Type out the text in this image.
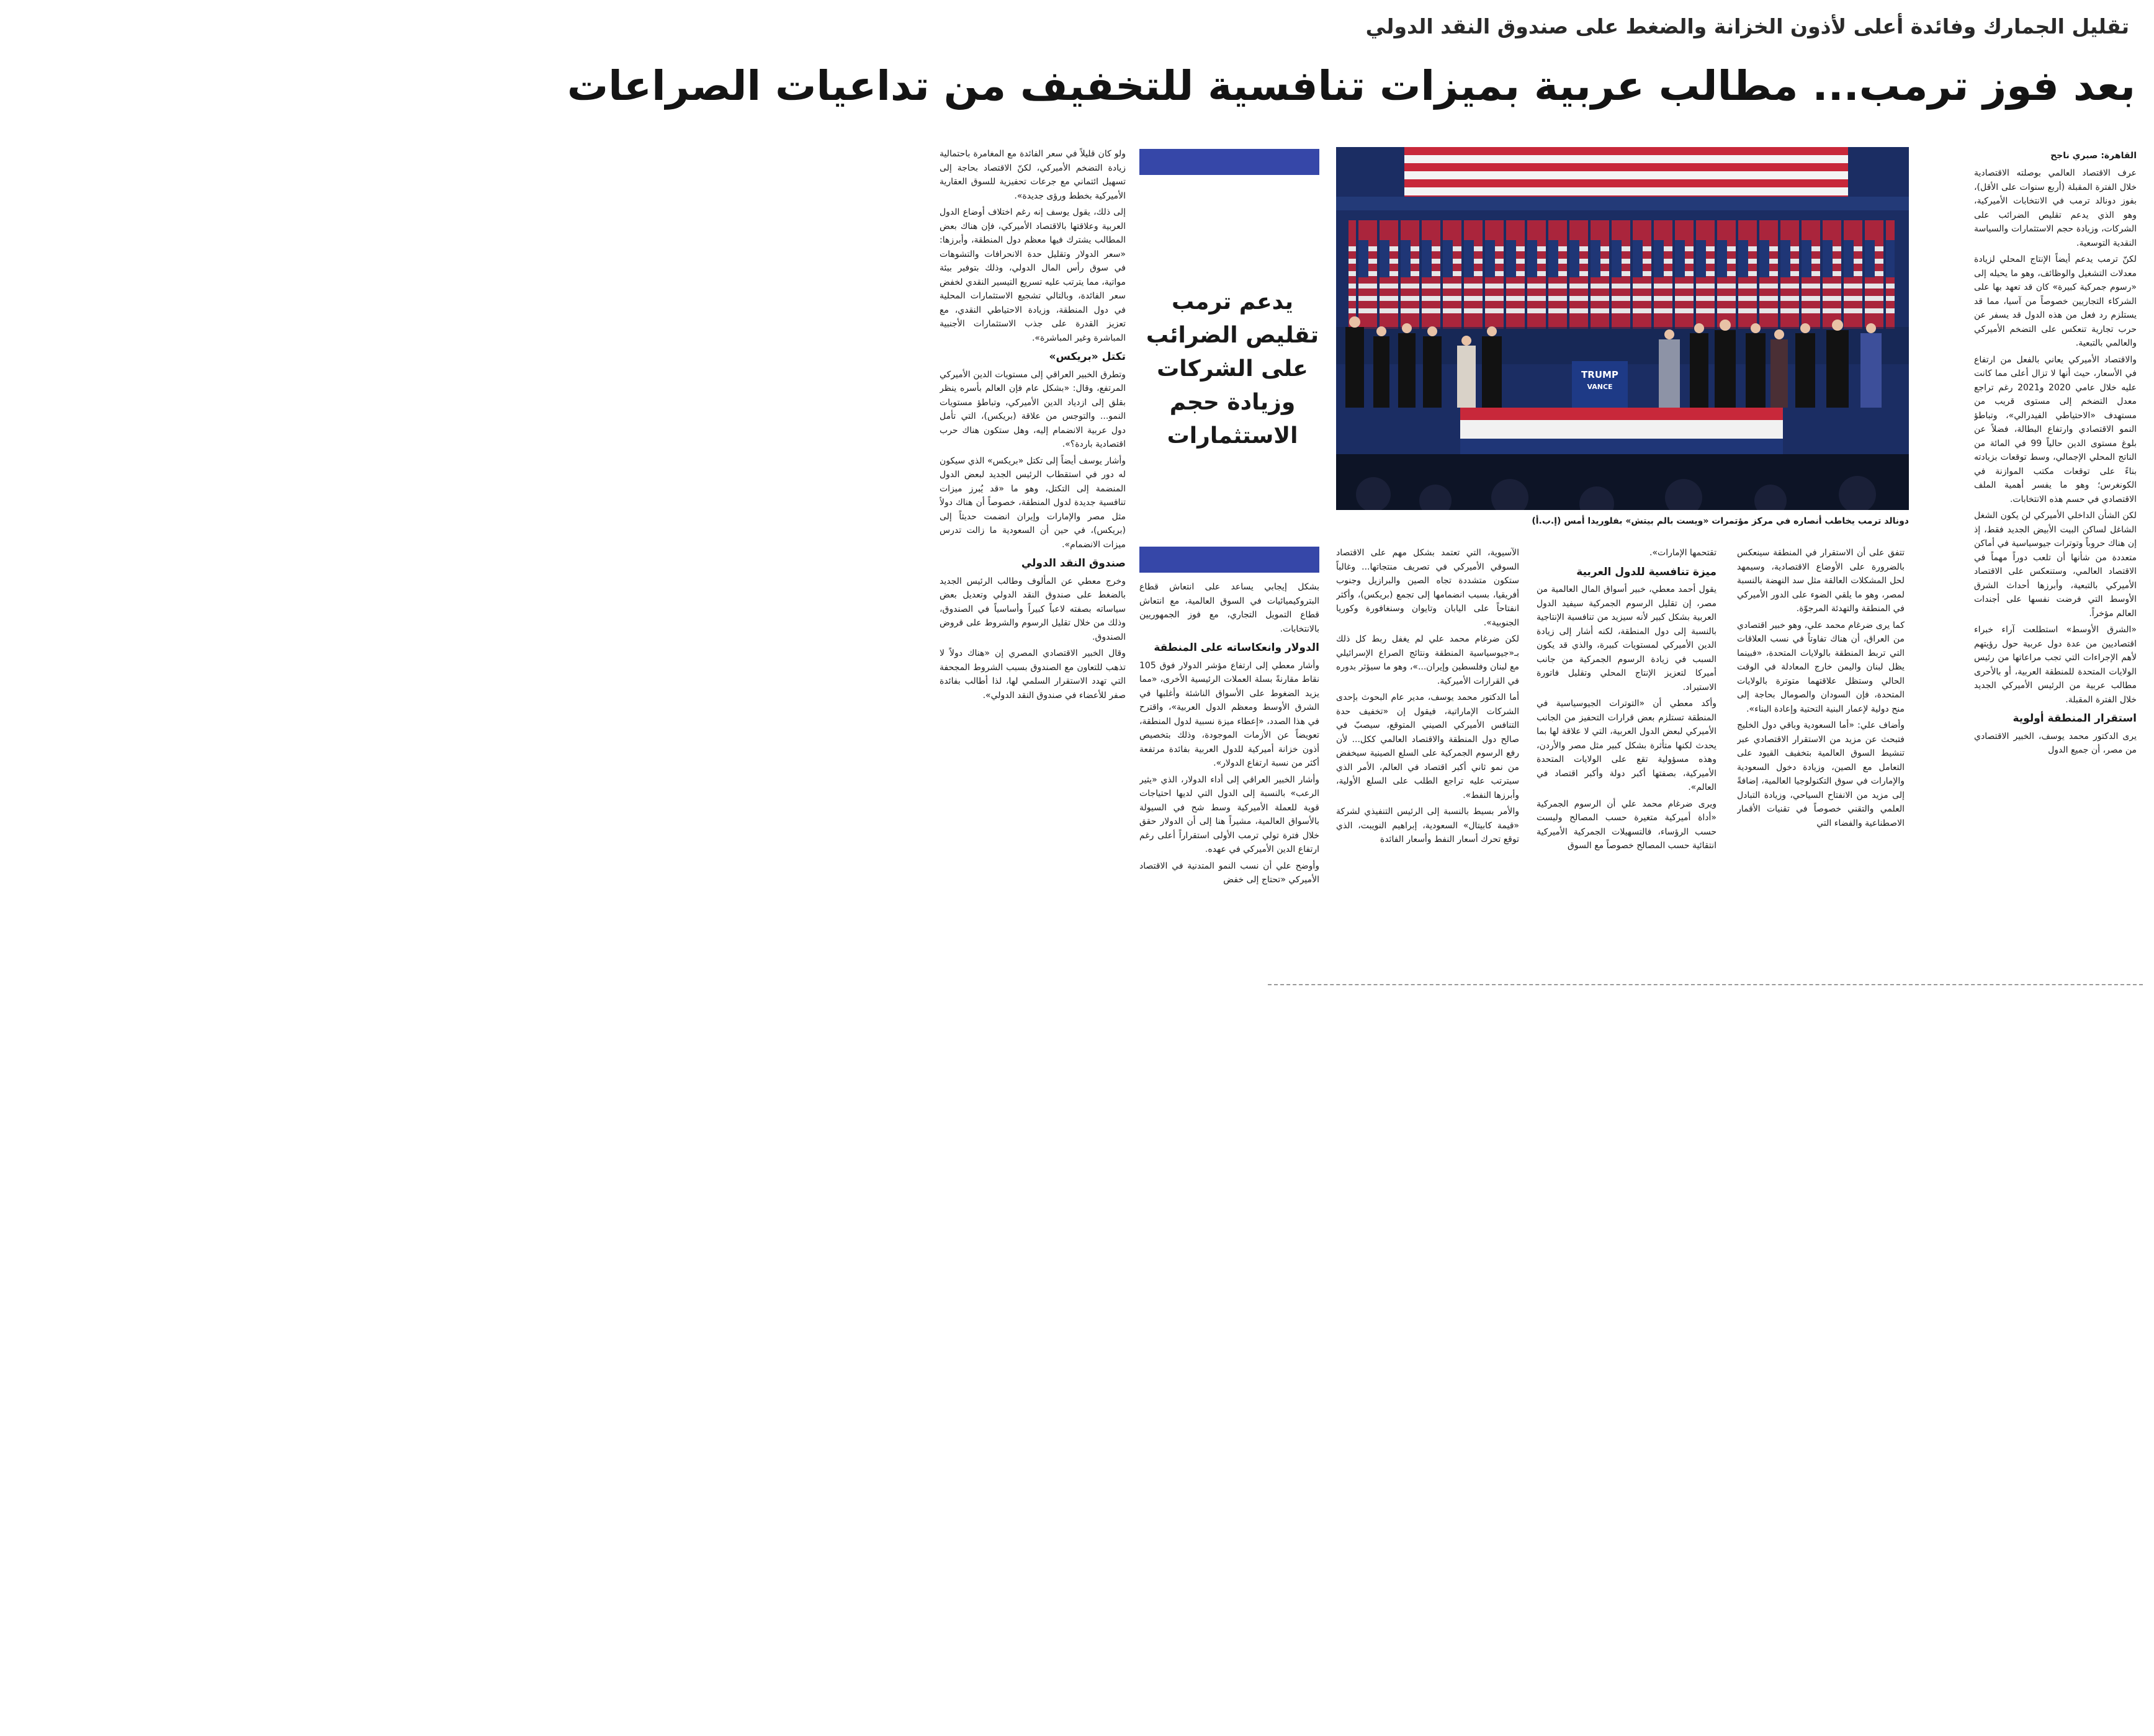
تقليل الجمارك وفائدة أعلى لأذون الخزانة والضغط على صندوق النقد الدولي
بعد فوز ترمب... مطالب عربية بميزات تنافسية للتخفيف من تداعيات الصراعات
القاهرة: صبري ناجح

عرف الاقتصاد العالمي بوصلته الاقتصادية خلال الفترة المقبلة (أربع سنوات على الأقل)، بفوز دونالد ترمب في الانتخابات الأميركية، وهو الذي يدعم تقليص الضرائب على الشركات، وزيادة حجم الاستثمارات والسياسة النقدية التوسعية.

لكنّ ترمب يدعم أيضاً الإنتاج المحلي لزيادة معدلات التشغيل والوظائف، وهو ما يحيله إلى «رسوم جمركية كبيرة» كان قد تعهد بها على الشركاء التجاريين خصوصاً من آسيا، مما قد يستلزم رد فعل من هذه الدول قد يسفر عن حرب تجارية تنعكس على التضخم الأميركي والعالمي بالتبعية.

والاقتصاد الأميركي يعاني بالفعل من ارتفاع في الأسعار، حيث أنها لا تزال أعلى مما كانت عليه خلال عامي 2020 و2021 رغم تراجع معدل التضخم إلى مستوى قريب من مستهدف «الاحتياطي الفيدرالي»، وتباطؤ النمو الاقتصادي وارتفاع البطالة، فضلاً عن بلوغ مستوى الدين حالياً 99 في المائة من الناتج المحلي الإجمالي، وسط توقعات بزيادته بناءً على توقعات مكتب الموازنة في الكونغرس؛ وهو ما يفسر أهمية الملف الاقتصادي في حسم هذه الانتخابات.

لكن الشأن الداخلي الأميركي لن يكون الشغل الشاغل لساكن البيت الأبيض الجديد فقط، إذ إن هناك حروباً وتوترات جيوسياسية في أماكن متعددة من شأنها أن تلعب دوراً مهماً في الاقتصاد العالمي، وستنعكس على الاقتصاد الأميركي بالتبعية، وأبرزها أحداث الشرق الأوسط التي فرضت نفسها على أجندات العالم مؤخراً.

«الشرق الأوسط» استطلعت آراء خبراء اقتصاديين من عدة دول عربية حول رؤيتهم لأهم الإجراءات التي تجب مراعاتها من رئيس الولايات المتحدة للمنطقة العربية، أو بالأحرى مطالب عربية من الرئيس الأميركي الجديد خلال الفترة المقبلة.

استقرار المنطقة أولوية

يرى الدكتور محمد يوسف، الخبير الاقتصادي من مصر، أن جميع الدول

TRUMP
VANCE
دونالد ترمب يخاطب أنصاره في مركز مؤتمرات «ويست بالم بيتش» بفلوريدا أمس (إ.ب.أ)
يدعم ترمب تقليص الضرائب على الشركات وزيادة حجم الاستثمارات

ولو كان قليلاً في سعر الفائدة مع المغامرة باحتمالية زيادة التضخم الأميركي، لكنّ الاقتصاد بحاجة إلى تسهيل ائتماني مع جرعات تحفيزية للسوق العقارية الأميركية بخطط ورؤى جديدة».

إلى ذلك، يقول يوسف إنه رغم اختلاف أوضاع الدول العربية وعلاقتها بالاقتصاد الأميركي، فإن هناك بعض المطالب يشترك فيها معظم دول المنطقة، وأبرزها: «سعر الدولار وتقليل حدة الانحرافات والتشوهات في سوق رأس المال الدولي، وذلك بتوفير بيئة مواتية، مما يترتب عليه تسريع التيسير النقدي لخفض سعر الفائدة، وبالتالي تشجيع الاستثمارات المحلية في دول المنطقة، وزيادة الاحتياطي النقدي، مع تعزيز القدرة على جذب الاستثمارات الأجنبية المباشرة وغير المباشرة».

تكتل «بريكس»

وتطرق الخبير العراقي إلى مستويات الدين الأميركي المرتفع، وقال: «بشكل عام فإن العالم بأسره ينظر بقلق إلى ازدياد الدين الأميركي، وتباطؤ مستويات النمو... والتوجس من علاقة (بريكس)، التي تأمل دول عربية الانضمام إليه، وهل ستكون هناك حرب اقتصادية باردة؟».

وأشار يوسف أيضاً إلى تكتل «بريكس» الذي سيكون له دور في استقطاب الرئيس الجديد لبعض الدول المنضمة إلى التكتل، وهو ما «قد يُبرز ميزات تنافسية جديدة لدول المنطقة، خصوصاً أن هناك دولاً مثل مصر والإمارات وإيران انضمت حديثاً إلى (بريكس)، في حين أن السعودية ما زالت تدرس ميزات الانضمام».

صندوق النقد الدولي

وخرج معطي عن المألوف وطالب الرئيس الجديد بالضغط على صندوق النقد الدولي وتعديل بعض سياساته بصفته لاعباً كبيراً وأساسياً في الصندوق، وذلك من خلال تقليل الرسوم والشروط على قروض الصندوق.

وقال الخبير الاقتصادي المصري إن «هناك دولاً لا تذهب للتعاون مع الصندوق بسبب الشروط المجحفة التي تهدد الاستقرار السلمي لها، لذا أطالب بفائدة صفر للأعضاء في صندوق النقد الدولي».

تتفق على أن الاستقرار في المنطقة سينعكس بالضرورة على الأوضاع الاقتصادية، وسيمهد لحل المشكلات العالقة مثل سد النهضة بالنسبة لمصر، وهو ما يلقي الضوء على الدور الأميركي في المنطقة والتهدئة المرجوّة.

كما يرى ضرغام محمد علي، وهو خبير اقتصادي من العراق، أن هناك تفاوتاً في نسب العلاقات التي تربط المنطقة بالولايات المتحدة، «فبينما يظل لبنان واليمن خارج المعادلة في الوقت الحالي وستظل علاقتهما متوترة بالولايات المتحدة، فإن السودان والصومال بحاجة إلى منح دولية لإعمار البنية التحتية وإعادة البناء».

وأضاف علي: «أما السعودية وباقي دول الخليج فتبحث عن مزيد من الاستقرار الاقتصادي عبر تنشيط السوق العالمية بتخفيف القيود على التعامل مع الصين، وزيادة دخول السعودية والإمارات في سوق التكنولوجيا العالمية، إضافةً إلى مزيد من الانفتاح السياحي، وزيادة التبادل العلمي والتقني خصوصاً في تقنيات الأقمار الاصطناعية والفضاء التي

تقتحمها الإمارات».

ميزة تنافسية للدول العربية

يقول أحمد معطي، خبير أسواق المال العالمية من مصر، إن تقليل الرسوم الجمركية سيفيد الدول العربية بشكل كبير لأنه سيزيد من تنافسية الإنتاجية بالنسبة إلى دول المنطقة، لكنه أشار إلى زيادة الدين الأميركي لمستويات كبيرة، والذي قد يكون السبب في زيادة الرسوم الجمركية من جانب أميركا لتعزيز الإنتاج المحلي وتقليل فاتورة الاستيراد.

وأكد معطي أن «التوترات الجيوسياسية في المنطقة تستلزم بعض قرارات التحفيز من الجانب الأميركي لبعض الدول العربية، التي لا علاقة لها بما يحدث لكنها متأثرة بشكل كبير مثل مصر والأردن، وهذه مسؤولية تقع على الولايات المتحدة الأميركية، بصفتها أكبر دولة وأكبر اقتصاد في العالم».

ويرى ضرغام محمد علي أن الرسوم الجمركية «أداة أميركية متغيرة حسب المصالح وليست حسب الرؤساء، فالتسهيلات الجمركية الأميركية انتقائية حسب المصالح خصوصاً مع السوق

الآسيوية، التي تعتمد بشكل مهم على الاقتصاد السوقي الأميركي في تصريف منتجاتها... وغالباً ستكون متشددة تجاه الصين والبرازيل وجنوب أفريقيا، بسبب انضمامها إلى تجمع (بريكس)، وأكثر انفتاحاً على اليابان وتايوان وسنغافورة وكوريا الجنوبية».

لكن ضرغام محمد علي لم يغفل ربط كل ذلك بـ«جيوسياسية المنطقة ونتائج الصراع الإسرائيلي مع لبنان وفلسطين وإيران...»، وهو ما سيؤثر بدوره في القرارات الأميركية.

أما الدكتور محمد يوسف، مدير عام البحوث بإحدى الشركات الإماراتية، فيقول إن «تخفيف حدة التنافس الأميركي الصيني المتوقع، سيصبّ في صالح دول المنطقة والاقتصاد العالمي ككل... لأن رفع الرسوم الجمركية على السلع الصينية سيخفض من نمو ثاني أكبر اقتصاد في العالم، الأمر الذي سيترتب عليه تراجع الطلب على السلع الأولية، وأبرزها النفط».

والأمر بسيط بالنسبة إلى الرئيس التنفيذي لشركة «قيمة كابيتال» السعودية، إبراهيم النويبت، الذي توقع تحرك أسعار النفط وأسعار الفائدة

بشكل إيجابي يساعد على انتعاش قطاع البتروكيميائيات في السوق العالمية، مع انتعاش قطاع التمويل التجاري، مع فوز الجمهوريين بالانتخابات.

الدولار وانعكاساته على المنطقة

وأشار معطي إلى ارتفاع مؤشر الدولار فوق 105 نقاط مقارنةً بسلة العملات الرئيسية الأخرى، «مما يزيد الضغوط على الأسواق الناشئة وأغلبها في الشرق الأوسط ومعظم الدول العربية»، واقترح في هذا الصدد، «إعطاء ميزة نسبية لدول المنطقة، تعويضاً عن الأزمات الموجودة، وذلك بتخصيص أذون خزانة أميركية للدول العربية بفائدة مرتفعة أكثر من نسبة ارتفاع الدولار».

وأشار الخبير العراقي إلى أداء الدولار، الذي «يثير الرعب» بالنسبة إلى الدول التي لديها احتياجات قوية للعملة الأميركية وسط شح في السيولة بالأسواق العالمية، مشيراً هنا إلى أن الدولار حقق خلال فترة تولي ترمب الأولى استقراراً أعلى رغم ارتفاع الدين الأميركي في عهده.

وأوضح علي أن نسب النمو المتدنية في الاقتصاد الأميركي «تحتاج إلى خفض
